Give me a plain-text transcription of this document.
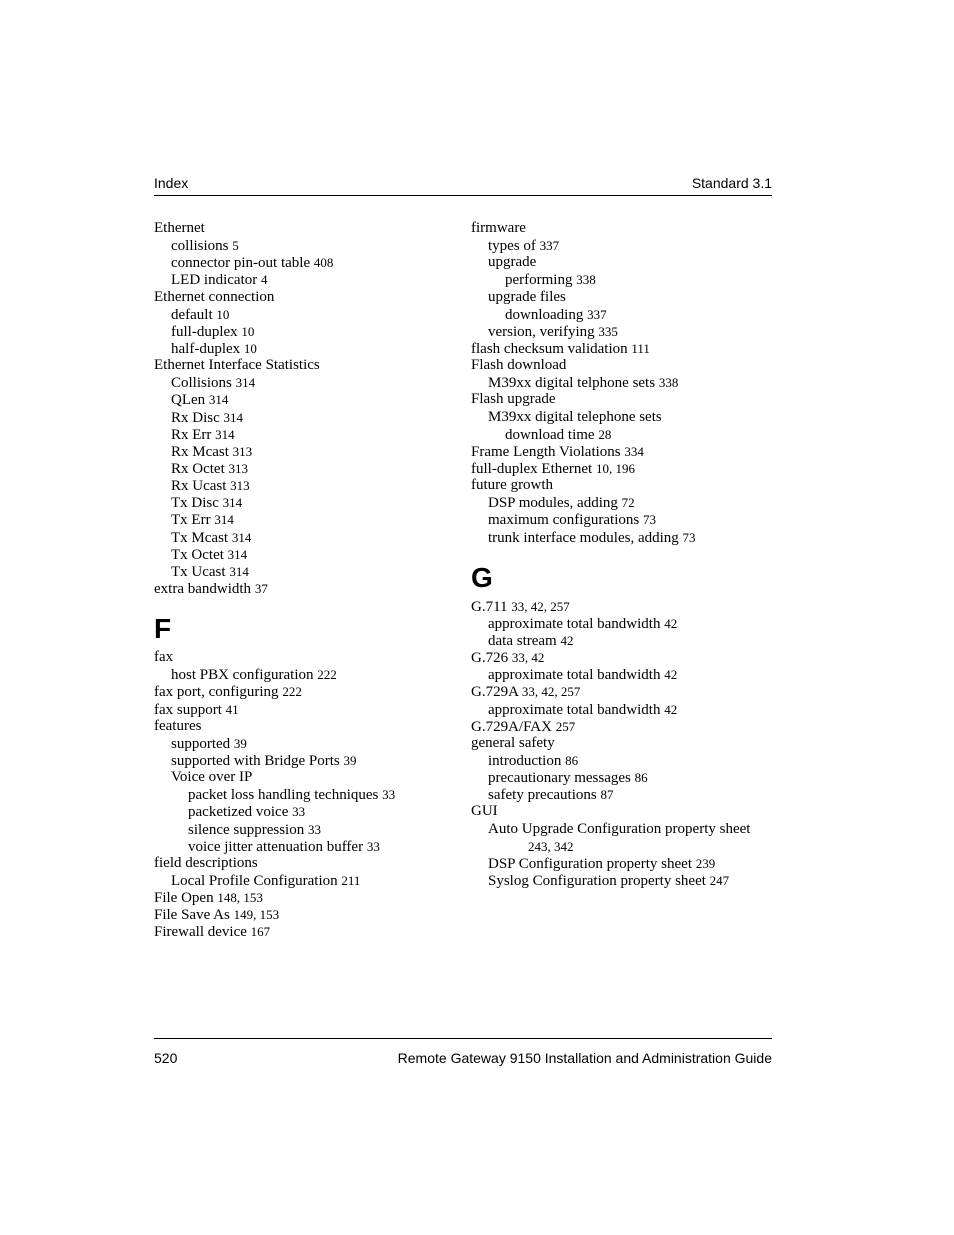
Index	Standard 3.1
Ethernet
collisions 5
connector pin-out table 408
LED indicator 4
Ethernet connection
default 10
full-duplex 10
half-duplex 10
Ethernet Interface Statistics
Collisions 314
QLen 314
Rx Disc 314
Rx Err 314
Rx Mcast 313
Rx Octet 313
Rx Ucast 313
Tx Disc 314
Tx Err 314
Tx Mcast 314
Tx Octet 314
Tx Ucast 314
extra bandwidth 37
F
fax
host PBX configuration 222
fax port, configuring 222
fax support 41
features
supported 39
supported with Bridge Ports 39
Voice over IP
packet loss handling techniques 33
packetized voice 33
silence suppression 33
voice jitter attenuation buffer 33
field descriptions
Local Profile Configuration 211
File Open 148, 153
File Save As 149, 153
Firewall device 167
firmware
types of 337
upgrade
performing 338
upgrade files
downloading 337
version, verifying 335
flash checksum validation 111
Flash download
M39xx digital telphone sets 338
Flash upgrade
M39xx digital telephone sets
download time 28
Frame Length Violations 334
full-duplex Ethernet 10, 196
future growth
DSP modules, adding 72
maximum configurations 73
trunk interface modules, adding 73
G
G.711 33, 42, 257
approximate total bandwidth 42
data stream 42
G.726 33, 42
approximate total bandwidth 42
G.729A 33, 42, 257
approximate total bandwidth 42
G.729A/FAX 257
general safety
introduction 86
precautionary messages 86
safety precautions 87
GUI
Auto Upgrade Configuration property sheet
243, 342
DSP Configuration property sheet 239
Syslog Configuration property sheet 247
520	Remote Gateway 9150 Installation and Administration Guide
